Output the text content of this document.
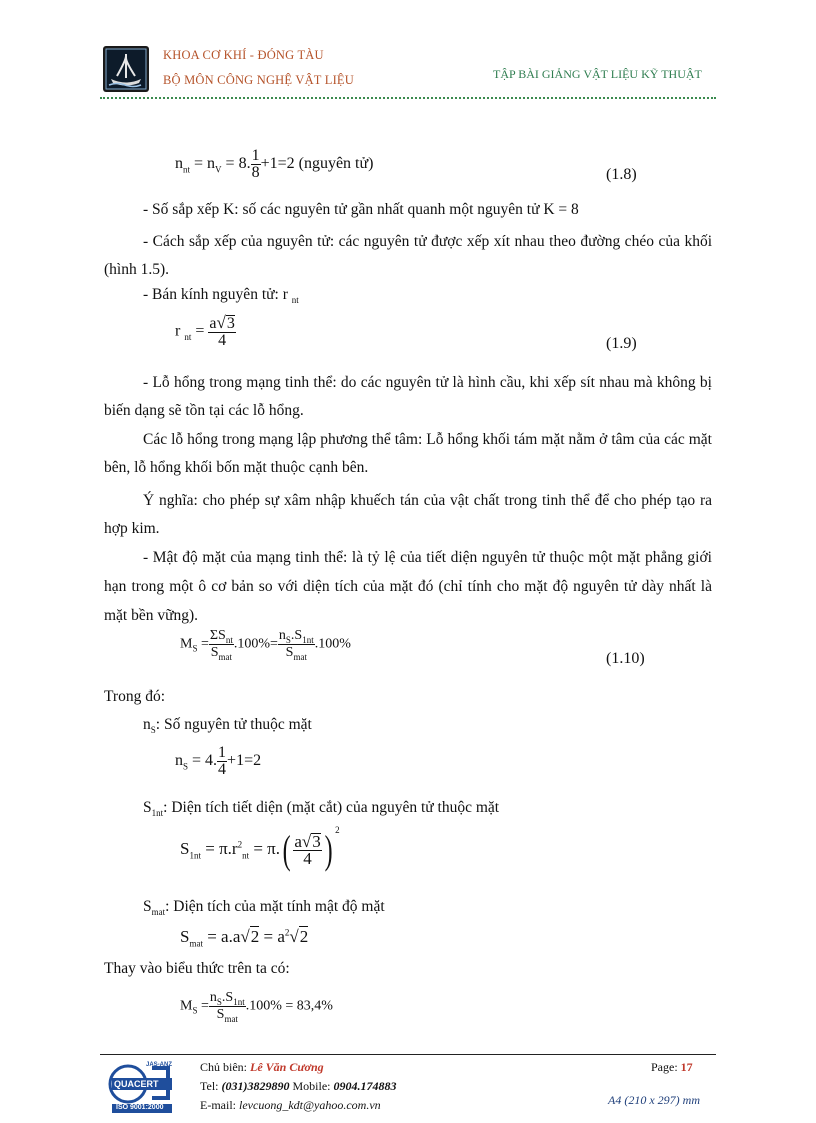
KHOA CƠ KHÍ - ĐÓNG TÀU
BỘ MÔN CÔNG NGHỆ VẬT LIỆU	TẬP BÀI GIẢNG VẬT LIỆU KỸ THUẬT
$n_{nt} = n_V = 8$. $\frac{1}{8} +1=2$ (nguyên tử)
(1.8)
- Số sắp xếp K: số các nguyên tử gần nhất quanh một nguyên tử K = 8
- Cách sắp xếp của nguyên tử: các nguyên tử được xếp xít nhau theo đường chéo của khối (hình 1.5).
- Bán kính nguyên tử: r $_{nt}$
r $_{nt} = \frac{a√3}{4}$	(1.9)
- Lỗ hổng trong mạng tinh thể: do các nguyên tử là hình cầu, khi xếp sít nhau mà không bị biến dạng sẽ tồn tại các lỗ hổng.
Các lỗ hổng trong mạng lập phương thể tâm: Lỗ hổng khối tám mặt nằm ở tâm của các mặt bên, lỗ hổng khối bốn mặt thuộc cạnh bên.
Ý nghĩa: cho phép sự xâm nhập khuếch tán của vật chất trong tinh thể để cho phép tạo ra hợp kim.
- Mật độ mặt của mạng tinh thể: là tỷ lệ của tiết diện nguyên tử thuộc một mặt phẳng giới hạn trong một ô cơ bản so với diện tích của mặt đó (chỉ tính cho mặt độ nguyên tử dày nhất là mặt bền vững).
$M_S = \frac{\Sigma S_{nt}}{S_{mat}} .100\%= \frac{n_S.S_{1nt}}{S_{mat}} .100\%$
(1.10)
Trong đó:
$n_S$: Số nguyên tử thuộc mặt
$n_S = 4$. $\frac{1}{4} +1=2$
$S_{1nt}$: Diện tích tiết diện (mặt cắt) của nguyên tử thuộc mặt
$S_{1nt} = \pi.r^2_{nt} = \pi.( \frac{a√3}{4}$ ) $^2$
$S_{mat}$: Diện tích của mặt tính mật độ mặt
$S_{mat} = a.a√2 = a^2√2$
Thay vào biểu thức trên ta có:
$M_S = \frac{n_S.S_{1nt}}{S_{mat}} .100\% = 83,4\%$
JAS-ANZ
QUACERT
ISO 9001:2000
Chủ biên: Lê Văn Cương
Tel: (031)3829890 Mobile: 0904.174883
E-mail: levcuong_kdt@yahoo.com.vn
Page: 17
A4 (210 x 297) mm
